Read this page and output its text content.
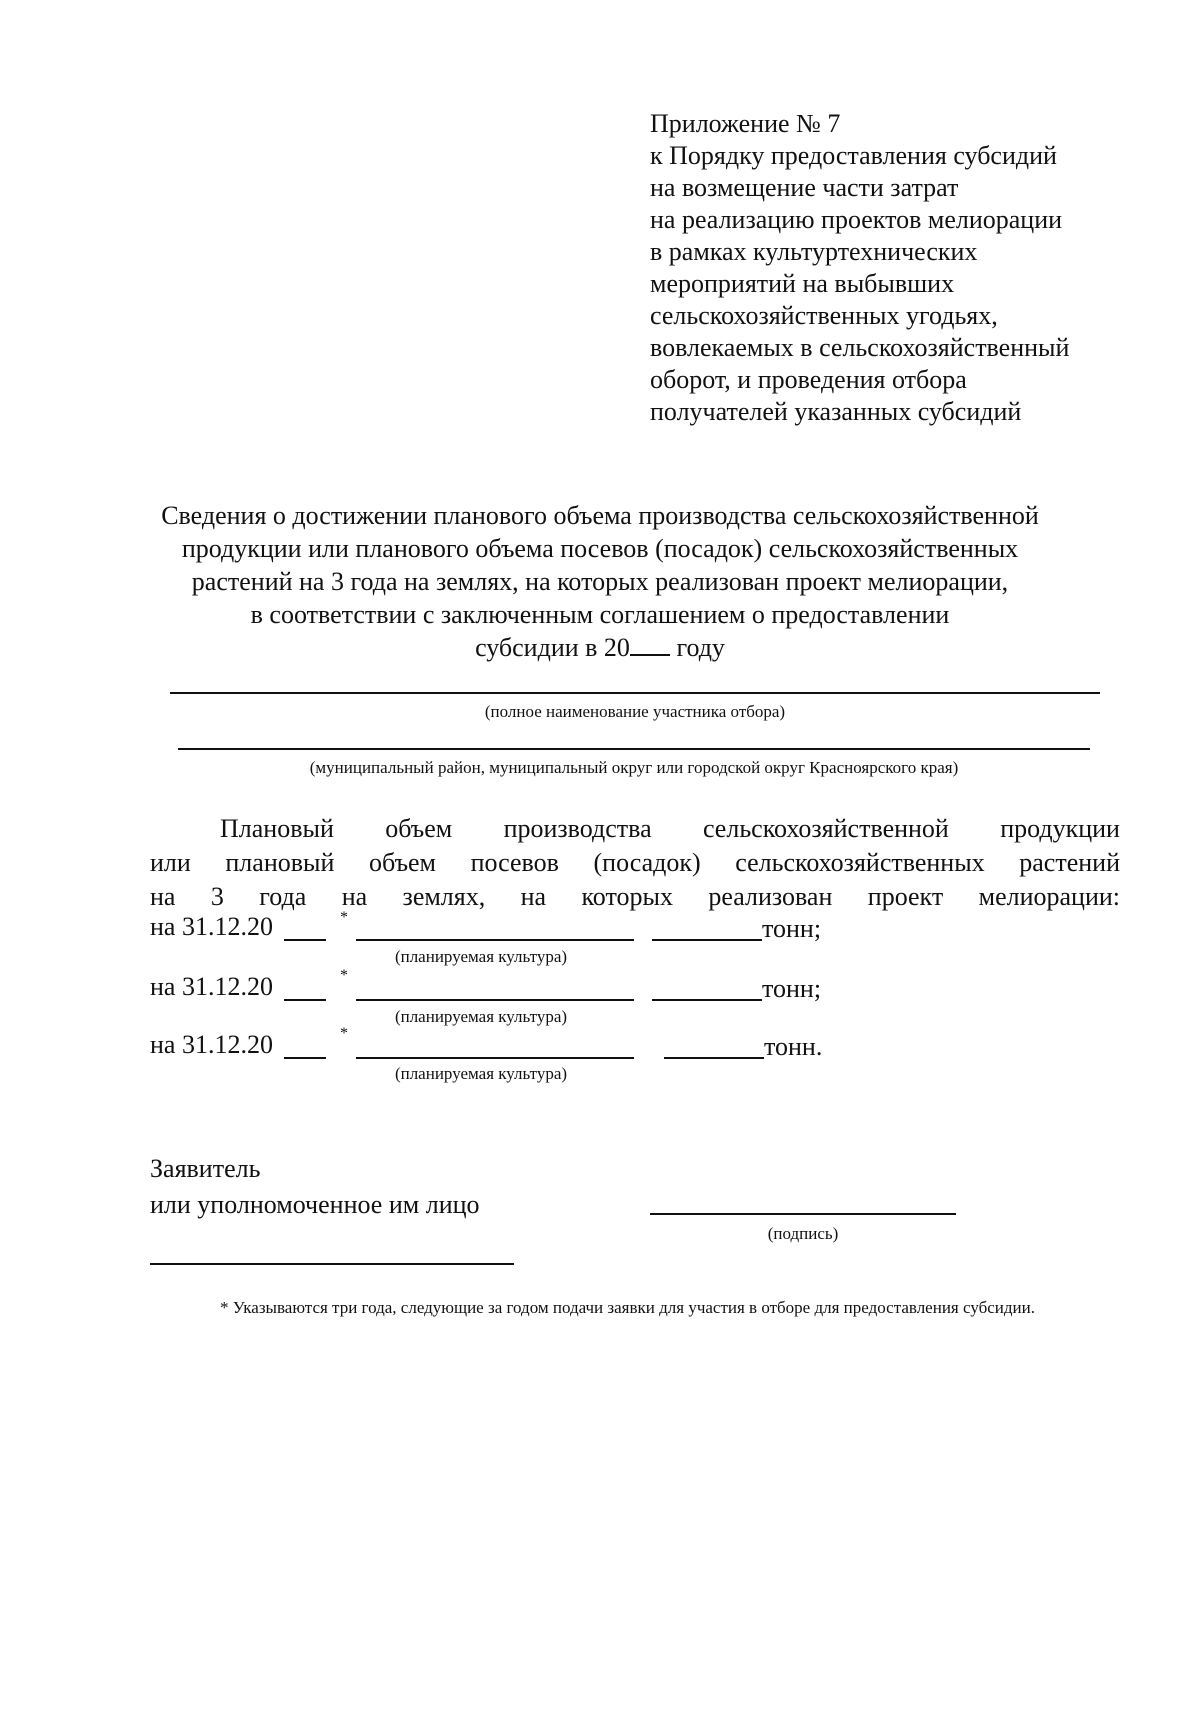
Приложение № 7
к Порядку предоставления субсидий
на возмещение части затрат
на реализацию проектов мелиорации
в рамках культуртехнических
мероприятий на выбывших
сельскохозяйственных угодьях,
вовлекаемых в сельскохозяйственный
оборот, и проведения отбора
получателей указанных субсидий
Сведения о достижении планового объема производства сельскохозяйственной
продукции или планового объема посевов (посадок) сельскохозяйственных
растений на 3 года на землях, на которых реализован проект мелиорации,
в соответствии с заключенным соглашением о предоставлении
субсидии в 20 году
(полное наименование участника отбора)
(муниципальный район, муниципальный округ или городской округ Красноярского края)
Плановый объем производства сельскохозяйственной продукции
или плановый объем посевов (посадок) сельскохозяйственных растений
на 3 года на землях, на которых реализован проект мелиорации:
на 31.12.20	*	тонн;
(планируемая культура)
на 31.12.20	*	тонн;
(планируемая культура)
на 31.12.20	*	тонн.
(планируемая культура)
Заявитель
или уполномоченное им лицо
(подпись)
* Указываются три года, следующие за годом подачи заявки для участия в отборе для предоставления субсидии.
